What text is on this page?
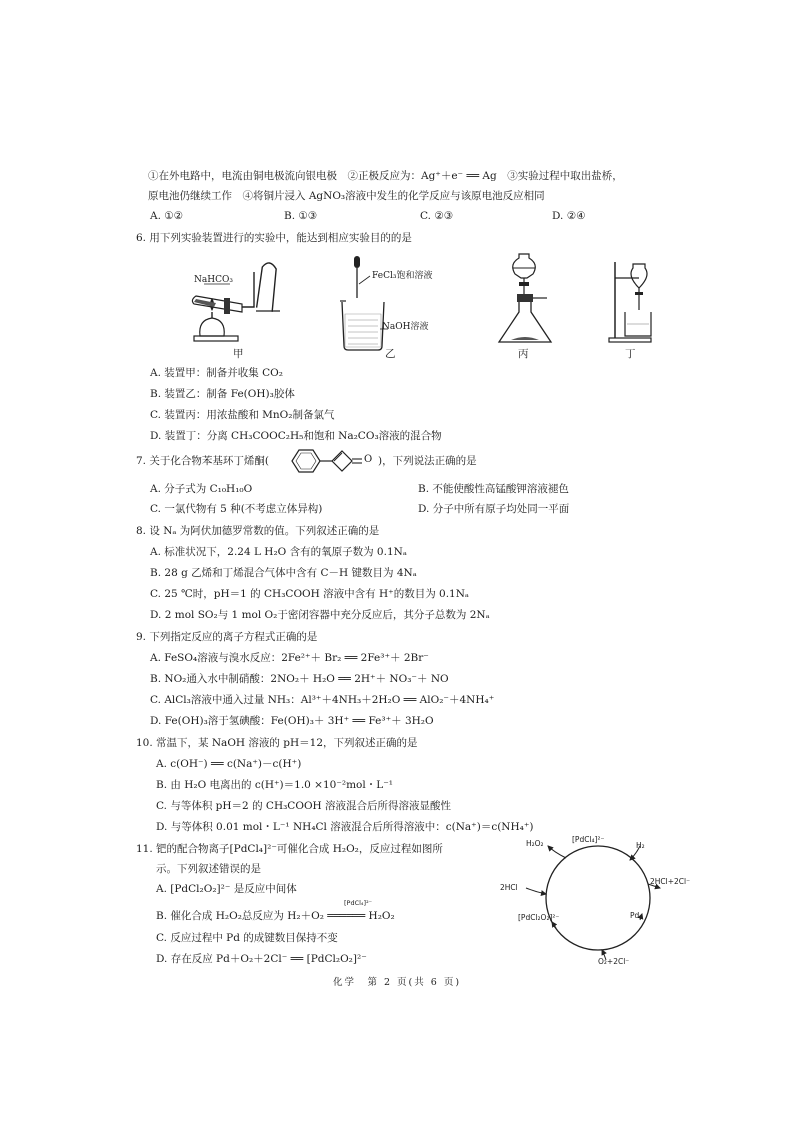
①在外电路中，电流由铜电极流向银电极　②正极反应为：Ag⁺＋e⁻ ══ Ag　③实验过程中取出盐桥，
原电池仍继续工作　④将铜片浸入 AgNO₃溶液中发生的化学反应与该原电池反应相同
A. ①②	B. ①③	C. ②③	D. ②④
6. 用下列实验装置进行的实验中，能达到相应实验目的的是
NaHCO₃
甲
FeCl₃饱和溶液
NaOH溶液
乙	丙	丁
A. 装置甲：制备并收集 CO₂
B. 装置乙：制备 Fe(OH)₃胶体
C. 装置丙：用浓盐酸和 MnO₂制备氯气
D. 装置丁：分离 CH₃COOC₂H₅和饱和 Na₂CO₃溶液的混合物
7. 关于化合物苯基环丁烯酮(	O )，下列说法正确的是
A. 分子式为 C₁₀H₁₀O	B. 不能使酸性高锰酸钾溶液褪色
C. 一氯代物有 5 种(不考虑立体异构)	D. 分子中所有原子均处同一平面
8. 设 Nₐ 为阿伏加德罗常数的值。下列叙述正确的是
A. 标准状况下，2.24 L H₂O 含有的氧原子数为 0.1Nₐ
B. 28 g 乙烯和丁烯混合气体中含有 C－H 键数目为 4Nₐ
C. 25 ℃时，pH＝1 的 CH₃COOH 溶液中含有 H⁺的数目为 0.1Nₐ
D. 2 mol SO₂与 1 mol O₂于密闭容器中充分反应后，其分子总数为 2Nₐ
9. 下列指定反应的离子方程式正确的是
A. FeSO₄溶液与溴水反应：2Fe²⁺＋ Br₂ ══ 2Fe³⁺＋ 2Br⁻
B. NO₂通入水中制硝酸：2NO₂＋ H₂O ══ 2H⁺＋ NO₃⁻＋ NO
C. AlCl₃溶液中通入过量 NH₃：Al³⁺＋4NH₃＋2H₂O ══ AlO₂⁻＋4NH₄⁺
D. Fe(OH)₃溶于氢碘酸：Fe(OH)₃＋ 3H⁺ ══ Fe³⁺＋ 3H₂O
10. 常温下，某 NaOH 溶液的 pH＝12，下列叙述正确的是
A. c(OH⁻) ══ c(Na⁺)－c(H⁺)
B. 由 H₂O 电离出的 c(H⁺)＝1.0 ×10⁻²mol・L⁻¹
C. 与等体积 pH＝2 的 CH₃COOH 溶液混合后所得溶液显酸性
D. 与等体积 0.01 mol・L⁻¹ NH₄Cl 溶液混合后所得溶液中：c(Na⁺)＝c(NH₄⁺)
11. 钯的配合物离子[PdCl₄]²⁻可催化合成 H₂O₂，反应过程如图所
示。下列叙述错误的是
A. [PdCl₂O₂]²⁻ 是反应中间体
B. 催化合成 H₂O₂总反应为 H₂＋O₂ ══════ H₂O₂
[PdCl₄]²⁻
C. 反应过程中 Pd 的成键数目保持不变
D. 存在反应 Pd＋O₂＋2Cl⁻ ══ [PdCl₂O₂]²⁻
[PdCl₄]²⁻
H₂O₂	H₂
2HCl+2Cl⁻
Pd
O₂+2Cl⁻
[PdCl₂O₂]²⁻
2HCl
化学　第 2 页(共 6 页)
